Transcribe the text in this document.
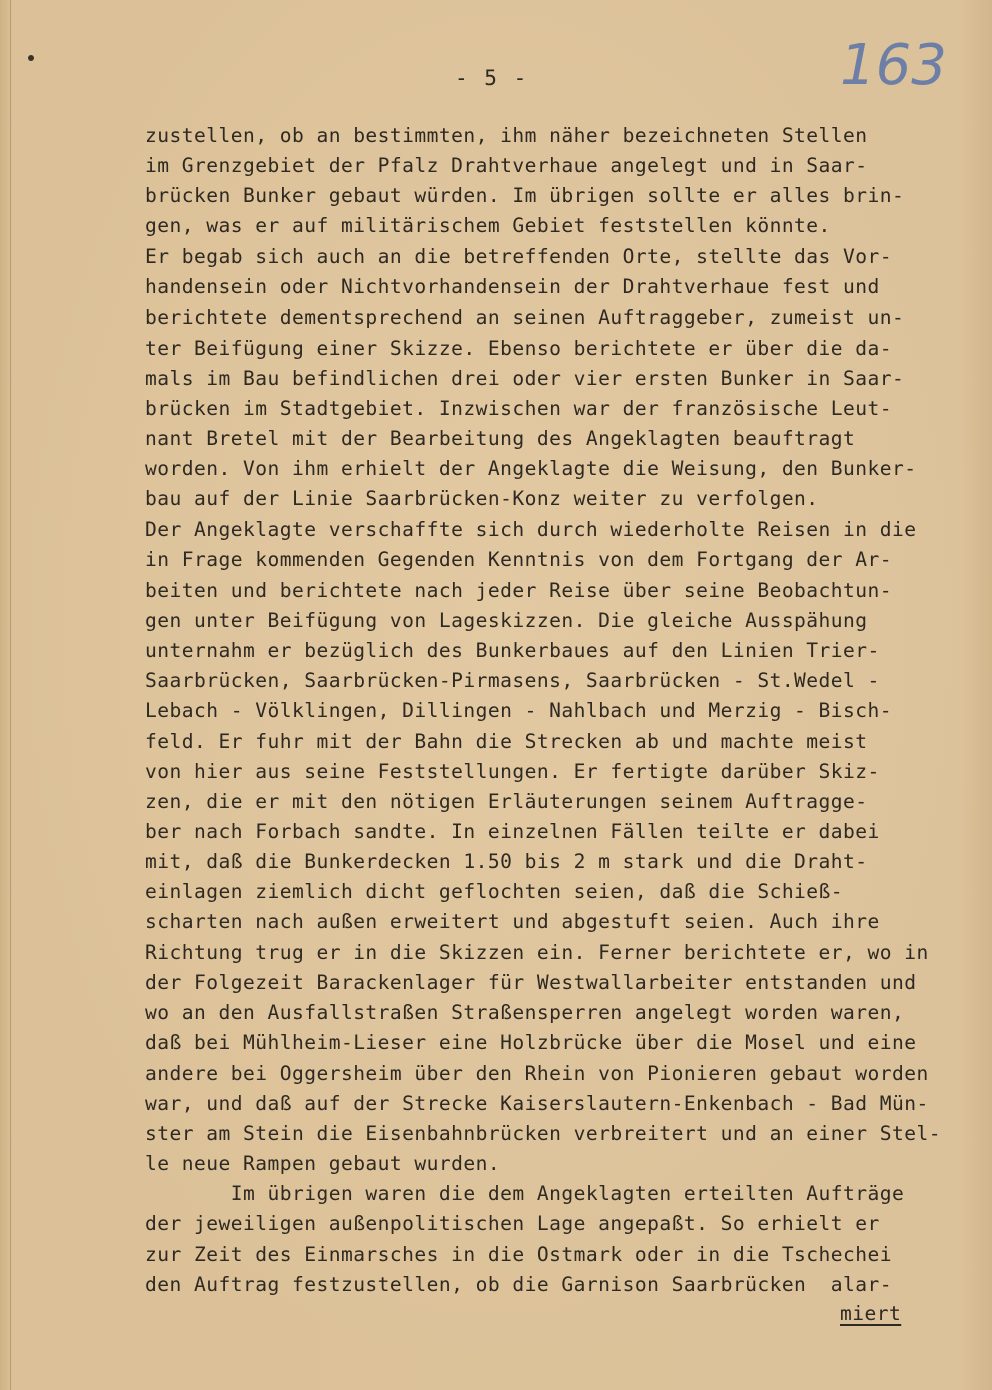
- 5 -	163
zustellen, ob an bestimmten, ihm näher bezeichneten Stellen
im Grenzgebiet der Pfalz Drahtverhaue angelegt und in Saar-
brücken Bunker gebaut würden. Im übrigen sollte er alles brin-
gen, was er auf militärischem Gebiet feststellen könnte.
Er begab sich auch an die betreffenden Orte, stellte das Vor-
handensein oder Nichtvorhandensein der Drahtverhaue fest und
berichtete dementsprechend an seinen Auftraggeber, zumeist un-
ter Beifügung einer Skizze. Ebenso berichtete er über die da-
mals im Bau befindlichen drei oder vier ersten Bunker in Saar-
brücken im Stadtgebiet. Inzwischen war der französische Leut-
nant Bretel mit der Bearbeitung des Angeklagten beauftragt
worden. Von ihm erhielt der Angeklagte die Weisung, den Bunker-
bau auf der Linie Saarbrücken-Konz weiter zu verfolgen.
Der Angeklagte verschaffte sich durch wiederholte Reisen in die
in Frage kommenden Gegenden Kenntnis von dem Fortgang der Ar-
beiten und berichtete nach jeder Reise über seine Beobachtun-
gen unter Beifügung von Lageskizzen. Die gleiche Ausspähung
unternahm er bezüglich des Bunkerbaues auf den Linien Trier-
Saarbrücken, Saarbrücken-Pirmasens, Saarbrücken - St.Wedel -
Lebach - Völklingen, Dillingen - Nahlbach und Merzig - Bisch-
feld. Er fuhr mit der Bahn die Strecken ab und machte meist
von hier aus seine Feststellungen. Er fertigte darüber Skiz-
zen, die er mit den nötigen Erläuterungen seinem Auftragge-
ber nach Forbach sandte. In einzelnen Fällen teilte er dabei
mit, daß die Bunkerdecken 1.50 bis 2 m stark und die Draht-
einlagen ziemlich dicht geflochten seien, daß die Schieß-
scharten nach außen erweitert und abgestuft seien. Auch ihre
Richtung trug er in die Skizzen ein. Ferner berichtete er, wo in
der Folgezeit Barackenlager für Westwallarbeiter entstanden und
wo an den Ausfallstraßen Straßensperren angelegt worden waren,
daß bei Mühlheim-Lieser eine Holzbrücke über die Mosel und eine
andere bei Oggersheim über den Rhein von Pionieren gebaut worden
war, und daß auf der Strecke Kaiserslautern-Enkenbach - Bad Mün-
ster am Stein die Eisenbahnbrücken verbreitert und an einer Stel-
le neue Rampen gebaut wurden.
Im übrigen waren die dem Angeklagten erteilten Aufträge
der jeweiligen außenpolitischen Lage angepaßt. So erhielt er
zur Zeit des Einmarsches in die Ostmark oder in die Tschechei
den Auftrag festzustellen, ob die Garnison Saarbrücken  alar-
miert
